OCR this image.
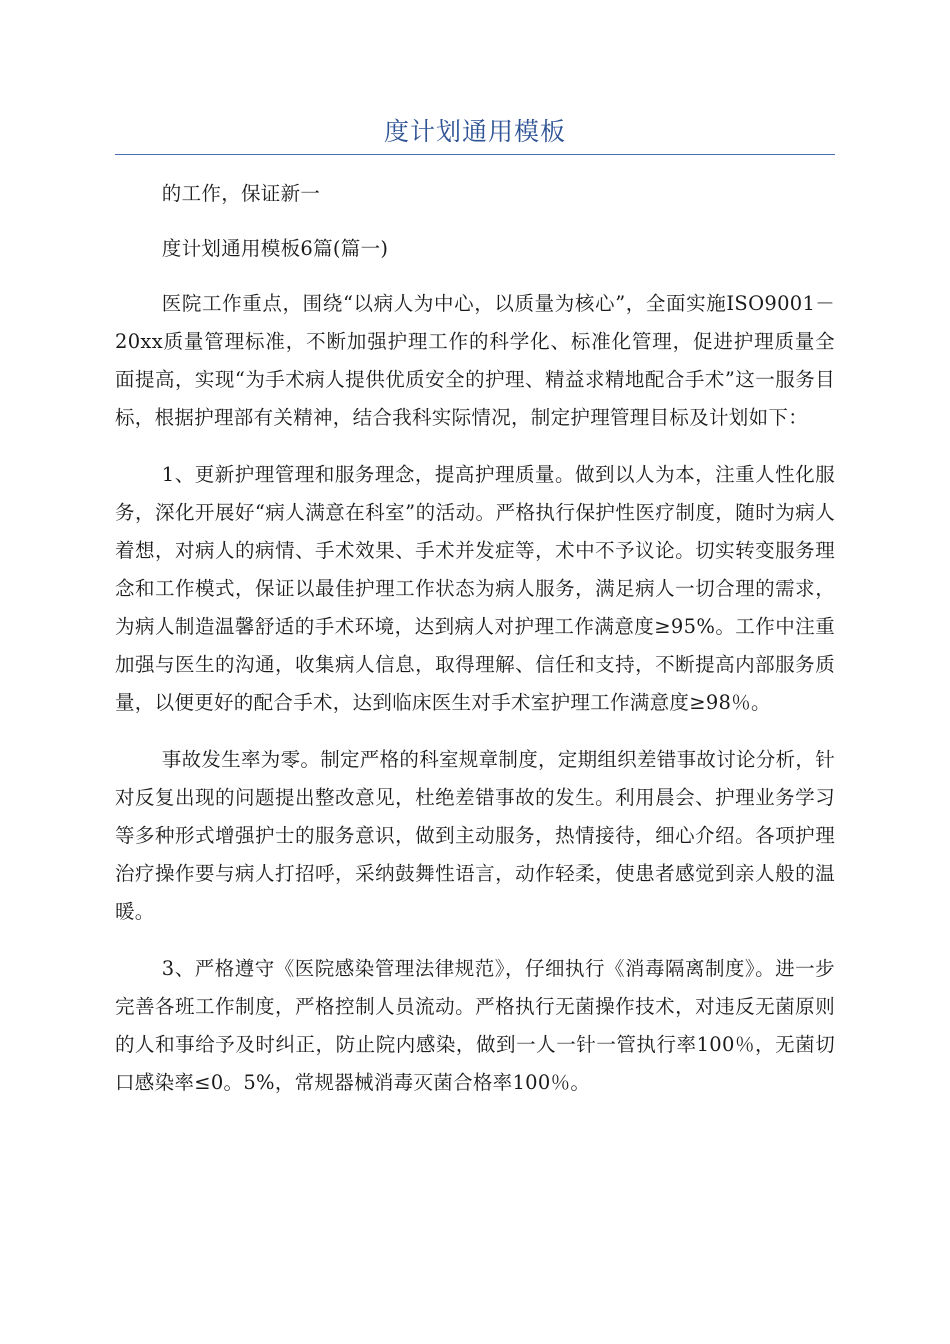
度计划通用模板

的工作，保证新一

度计划通用模板6篇(篇一)

医院工作重点，围绕“以病人为中心，以质量为核心”，全面实施ISO9001－20xx质量管理标准，不断加强护理工作的科学化、标准化管理，促进护理质量全面提高，实现“为手术病人提供优质安全的护理、精益求精地配合手术”这一服务目标，根据护理部有关精神，结合我科实际情况，制定护理管理目标及计划如下：

1、更新护理管理和服务理念，提高护理质量。做到以人为本，注重人性化服务，深化开展好“病人满意在科室”的活动。严格执行保护性医疗制度，随时为病人着想，对病人的病情、手术效果、手术并发症等，术中不予议论。切实转变服务理念和工作模式，保证以最佳护理工作状态为病人服务，满足病人一切合理的需求，为病人制造温馨舒适的手术环境，达到病人对护理工作满意度≥95%。工作中注重加强与医生的沟通，收集病人信息，取得理解、信任和支持，不断提高内部服务质量，以便更好的配合手术，达到临床医生对手术室护理工作满意度≥98％。

事故发生率为零。制定严格的科室规章制度，定期组织差错事故讨论分析，针对反复出现的问题提出整改意见，杜绝差错事故的发生。利用晨会、护理业务学习等多种形式增强护士的服务意识，做到主动服务，热情接待，细心介绍。各项护理治疗操作要与病人打招呼，采纳鼓舞性语言，动作轻柔，使患者感觉到亲人般的温暖。

3、严格遵守《医院感染管理法律规范》，仔细执行《消毒隔离制度》。进一步完善各班工作制度，严格控制人员流动。严格执行无菌操作技术，对违反无菌原则的人和事给予及时纠正，防止院内感染，做到一人一针一管执行率100％，无菌切口感染率≤0。5%，常规器械消毒灭菌合格率100％。
